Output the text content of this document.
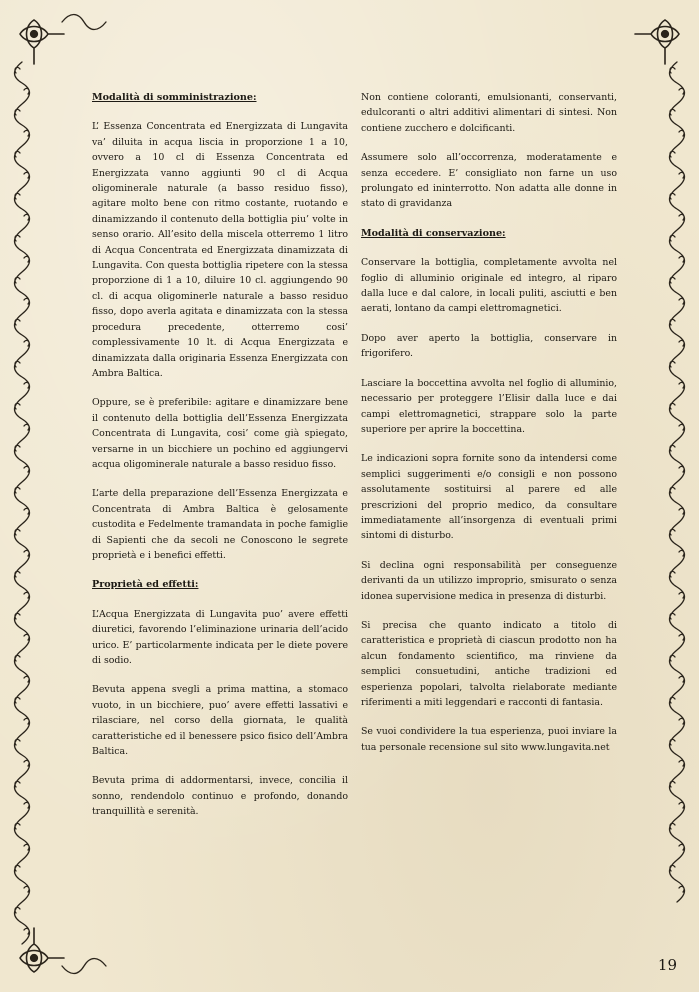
Modalità di somministrazione:

L’ Essenza Concentrata ed Energizzata di Lungavita va’ diluita in acqua liscia in proporzione 1 a 10, ovvero a 10 cl di Essenza Concentrata ed Energizzata vanno aggiunti 90 cl di Acqua oligominerale naturale (a basso residuo fisso), agitare molto bene con ritmo costante, ruotando e dinamizzando il contenuto della bottiglia piu’ volte in senso orario. All’esito della miscela otterremo 1 litro di Acqua Concentrata ed Energizzata dinamizzata di Lungavita. Con questa bottiglia ripetere con la stessa proporzione di 1 a 10, diluire 10 cl. aggiungendo 90 cl. di acqua oligominerle naturale a basso residuo fisso, dopo averla agitata e dinamizzata con la stessa procedura precedente, otterremo cosi’ complessivamente 10 lt. di Acqua Energizzata e dinamizzata dalla originaria Essenza Energizzata con Ambra Baltica.

Oppure, se è preferibile: agitare e dinamizzare bene il contenuto della bottiglia dell’Essenza Energizzata Concentrata di Lungavita, cosi’ come già spiegato, versarne in un bicchiere un pochino ed aggiungervi acqua oligominerale naturale a basso residuo fisso.

L’arte della preparazione dell’Essenza Energizzata e Concentrata di Ambra Baltica è gelosamente custodita e Fedelmente tramandata in poche famiglie di Sapienti che da secoli ne Conoscono le segrete proprietà e i benefici effetti.

Proprietà ed effetti:

L’Acqua Energizzata di Lungavita puo’ avere effetti diuretici, favorendo l’eliminazione urinaria dell’acido urico. E’ particolarmente indicata per le diete povere di sodio.

Bevuta appena svegli a prima mattina, a stomaco vuoto, in un bicchiere, puo’ avere effetti lassativi e rilasciare, nel corso della giornata, le qualità caratteristiche ed il benessere psico fisico dell’Ambra Baltica.

Bevuta prima di addormentarsi, invece, concilia il sonno, rendendolo continuo e profondo, donando tranquillità e serenità.

Non contiene coloranti, emulsionanti, conservanti, edulcoranti o altri additivi alimentari di sintesi. Non contiene zucchero e dolcificanti.

Assumere solo all’occorrenza, moderatamente e senza eccedere. E’ consigliato non farne un uso prolungato ed ininterrotto. Non adatta alle donne in stato di gravidanza

Modalità di conservazione:

Conservare la bottiglia, completamente avvolta nel foglio di alluminio originale ed integro, al riparo dalla luce e dal calore, in locali puliti, asciutti e ben aerati, lontano da campi elettromagnetici.

Dopo aver aperto la bottiglia, conservare in frigorifero.

Lasciare la boccettina avvolta nel foglio di alluminio, necessario per proteggere l’Elisir dalla luce e dai campi elettromagnetici, strappare solo la parte superiore per aprire la boccettina.

Le indicazioni sopra fornite sono da intendersi come semplici suggerimenti e/o consigli e non possono assolutamente sostituirsi al parere ed alle prescrizioni del proprio medico, da consultare immediatamente all’insorgenza di eventuali primi sintomi di disturbo.

Si declina ogni responsabilità per conseguenze derivanti da un utilizzo improprio, smisurato o senza idonea supervisione medica in presenza di disturbi.

Si precisa che quanto indicato a titolo di caratteristica e proprietà di ciascun prodotto non ha alcun fondamento scientifico, ma rinviene da semplici consuetudini, antiche tradizioni ed esperienza popolari, talvolta rielaborate mediante riferimenti a miti leggendari e racconti di fantasia.

Se vuoi condividere la tua esperienza, puoi inviare la tua personale recensione sul sito www.lungavita.net

19
